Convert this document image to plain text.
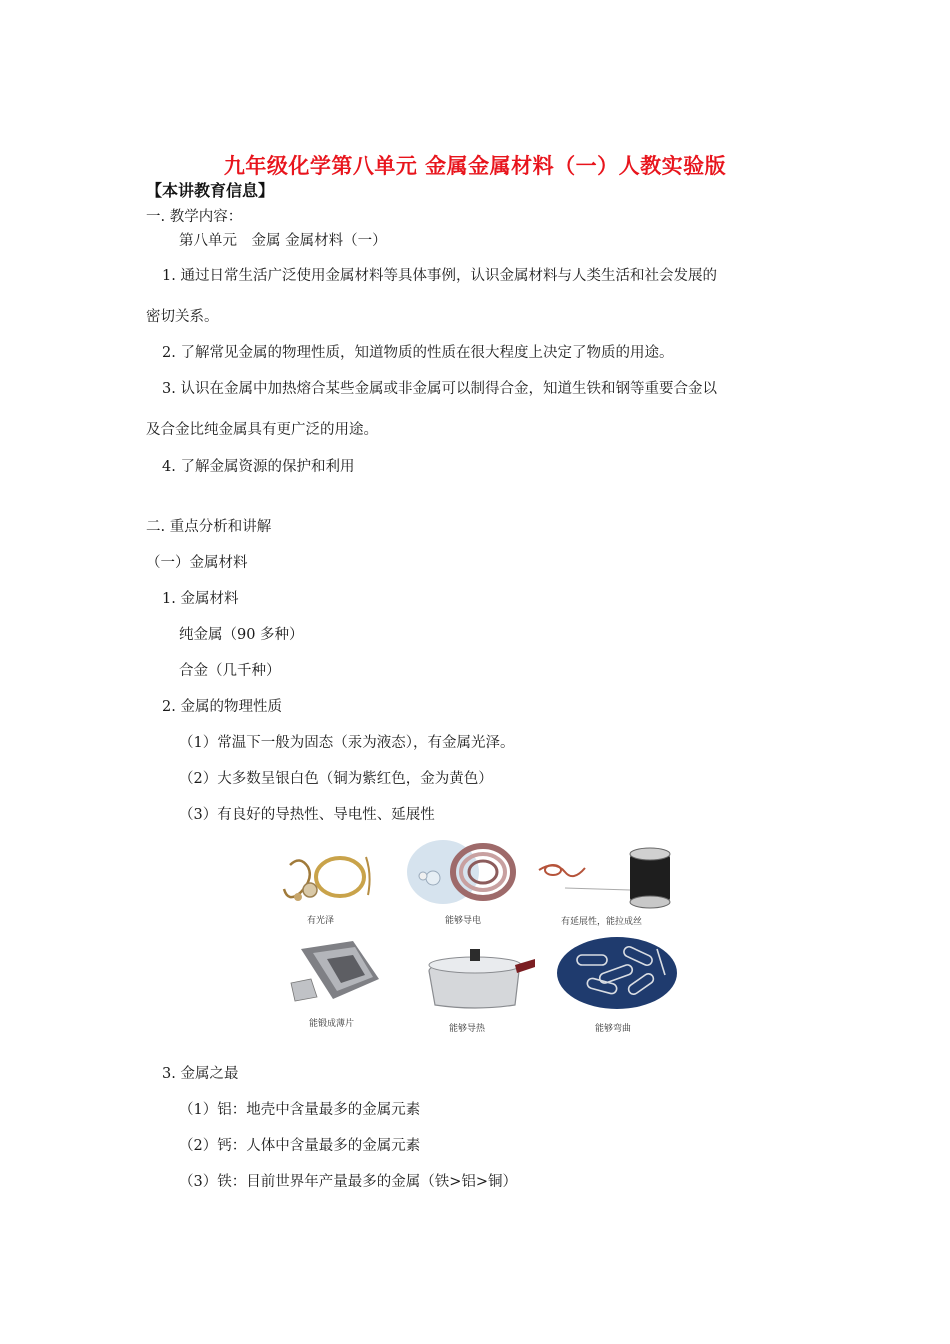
九年级化学第八单元 金属金属材料（一）人教实验版
【本讲教育信息】
一. 教学内容：
第八单元　金属 金属材料（一）
1. 通过日常生活广泛使用金属材料等具体事例，认识金属材料与人类生活和社会发展的
密切关系。
2. 了解常见金属的物理性质，知道物质的性质在很大程度上决定了物质的用途。
3. 认识在金属中加热熔合某些金属或非金属可以制得合金，知道生铁和钢等重要合金以
及合金比纯金属具有更广泛的用途。
4. 了解金属资源的保护和利用
二. 重点分析和讲解
（一）金属材料
1. 金属材料
纯金属（90 多种）
合金（几千种）
2. 金属的物理性质
（1）常温下一般为固态（汞为液态），有金属光泽。
（2）大多数呈银白色（铜为紫红色，金为黄色）
（3）有良好的导热性、导电性、延展性
有光泽	能够导电	有延展性，能拉成丝
能锻成薄片	能够导热	能够弯曲
3. 金属之最
（1）铝：地壳中含量最多的金属元素
（2）钙：人体中含量最多的金属元素
（3）铁：目前世界年产量最多的金属（铁>铝>铜）
